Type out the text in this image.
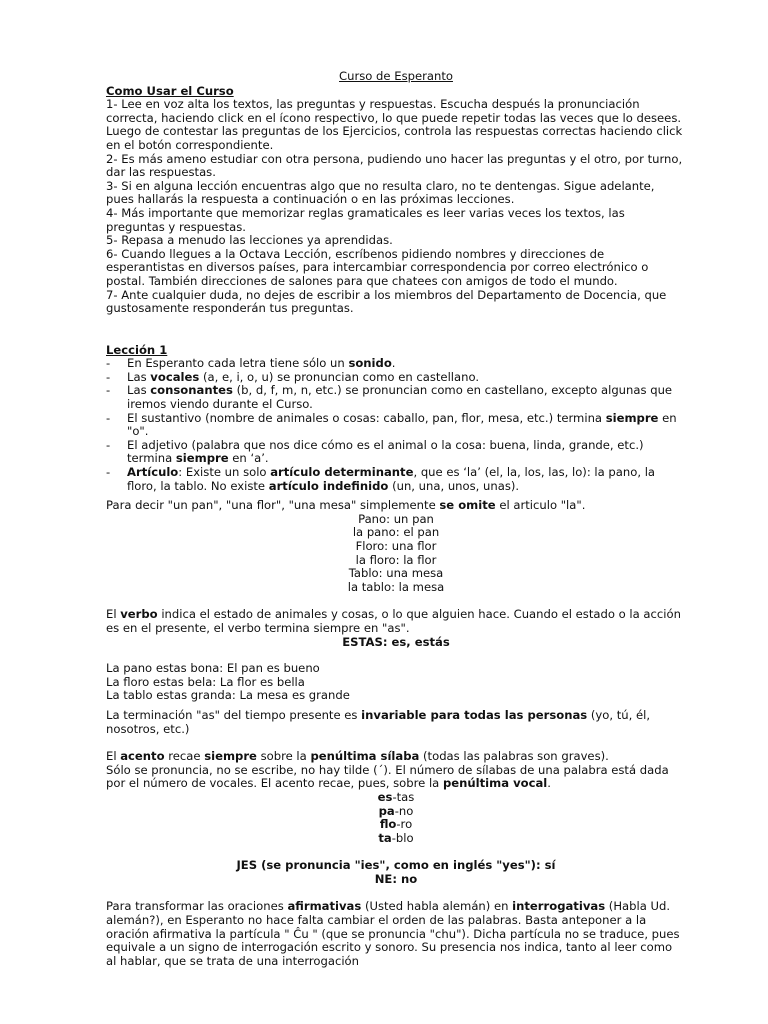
Curso de Esperanto

Como Usar el Curso

1- Lee en voz alta los textos, las preguntas y respuestas. Escucha después la pronunciación correcta, haciendo click en el ícono respectivo, lo que puede repetir todas las veces que lo desees. Luego de contestar las preguntas de los Ejercicios, controla las respuestas correctas haciendo click en el botón correspondiente.

2- Es más ameno estudiar con otra persona, pudiendo uno hacer las preguntas y el otro, por turno, dar las respuestas.

3- Si en alguna lección encuentras algo que no resulta claro, no te dentengas. Sigue adelante, pues hallarás la respuesta a continuación o en las próximas lecciones.

4- Más importante que memorizar reglas gramaticales es leer varias veces los textos, las preguntas y respuestas.

5- Repasa a menudo las lecciones ya aprendidas.

6- Cuando llegues a la Octava Lección, escríbenos pidiendo nombres y direcciones de esperantistas en diversos países, para intercambiar correspondencia por correo electrónico o postal. También direcciones de salones para que chatees con amigos de todo el mundo.

7- Ante cualquier duda, no dejes de escribir a los miembros del Departamento de Docencia, que gustosamente responderán tus preguntas.

Lección 1
- En Esperanto cada letra tiene sólo un sonido.
- Las vocales (a, e, i, o, u) se pronuncian como en castellano.
- Las consonantes (b, d, f, m, n, etc.) se pronuncian como en castellano, excepto algunas que iremos viendo durante el Curso.
- El sustantivo (nombre de animales o cosas: caballo, pan, flor, mesa, etc.) termina siempre en "o".
- El adjetivo (palabra que nos dice cómo es el animal o la cosa: buena, linda, grande, etc.) termina siempre en ‘a’.
- Artículo: Existe un solo artículo determinante, que es ‘la’ (el, la, los, las, lo): la pano, la floro, la tablo. No existe artículo indefinido (un, una, unos, unas).

Para decir "un pan", "una flor", "una mesa" simplemente se omite el articulo "la".

Pano: un pan

la pano: el pan

Floro: una flor

la floro: la flor

Tablo: una mesa

la tablo: la mesa

El verbo indica el estado de animales y cosas, o lo que alguien hace. Cuando el estado o la acción es en el presente, el verbo termina siempre en "as".

ESTAS: es, estás

La pano estas bona: El pan es bueno

La floro estas bela: La flor es bella

La tablo estas granda: La mesa es grande

La terminación "as" del tiempo presente es invariable para todas las personas (yo, tú, él, nosotros, etc.)

El acento recae siempre sobre la penúltima sílaba (todas las palabras son graves).
Sólo se pronuncia, no se escribe, no hay tilde (´). El número de sílabas de una palabra está dada por el número de vocales. El acento recae, pues, sobre la penúltima vocal.

es-tas

pa-no

flo-ro

ta-blo

JES (se pronuncia "ies", como en inglés "yes"): sí

NE: no

Para transformar las oraciones afirmativas (Usted habla alemán) en interrogativas (Habla Ud. alemán?), en Esperanto no hace falta cambiar el orden de las palabras. Basta anteponer a la oración afirmativa la partícula " Ĉu " (que se pronuncia "chu"). Dicha partícula no se traduce, pues equivale a un signo de interrogación escrito y sonoro. Su presencia nos indica, tanto al leer como al hablar, que se trata de una interrogación
